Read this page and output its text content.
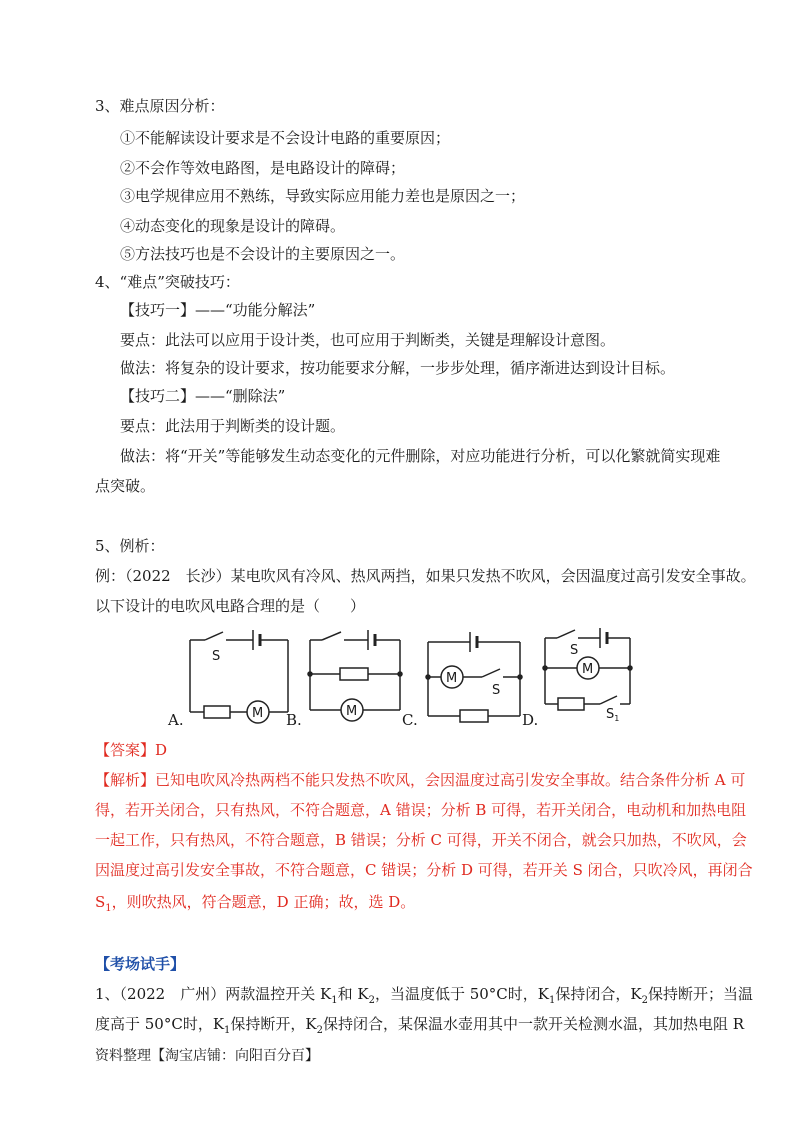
3、难点原因分析：
①不能解读设计要求是不会设计电路的重要原因；
②不会作等效电路图，是电路设计的障碍；
③电学规律应用不熟练，导致实际应用能力差也是原因之一；
④动态变化的现象是设计的障碍。
⑤方法技巧也是不会设计的主要原因之一。
4、“难点”突破技巧：
【技巧一】——“功能分解法”
要点：此法可以应用于设计类，也可应用于判断类，关键是理解设计意图。
做法：将复杂的设计要求，按功能要求分解，一步步处理，循序渐进达到设计目标。
【技巧二】——“删除法”
要点：此法用于判断类的设计题。
做法：将“开关”等能够发生动态变化的元件删除，对应功能进行分析，可以化繁就简实现难
点突破。
5、例析：
例：（2022　长沙）某电吹风有冷风、热风两挡，如果只发热不吹风，会因温度过高引发安全事故。
以下设计的电吹风电路合理的是（　　）
M	M
M
M
S
S
S
$S_1$
A.	B.	C.	D.
【答案】D
【解析】已知电吹风冷热两档不能只发热不吹风，会因温度过高引发安全事故。结合条件分析 A 可
得，若开关闭合，只有热风，不符合题意，A 错误；分析 B 可得，若开关闭合，电动机和加热电阻
一起工作，只有热风，不符合题意，B 错误；分析 C 可得，开关不闭合，就会只加热，不吹风，会
因温度过高引发安全事故，不符合题意，C 错误；分析 D 可得，若开关 S 闭合，只吹冷风，再闭合
$S_1$，则吹热风，符合题意，D 正确；故，选 D。
【考场试手】
1、（2022　广州）两款温控开关 $K_1$和 $K_2$，当温度低于 50°C时，$K_1$保持闭合，$K_2$保持断开；当温
度高于 50°C时，$K_1$保持断开，$K_2$保持闭合，某保温水壶用其中一款开关检测水温，其加热电阻 R
资料整理【淘宝店铺：向阳百分百】
